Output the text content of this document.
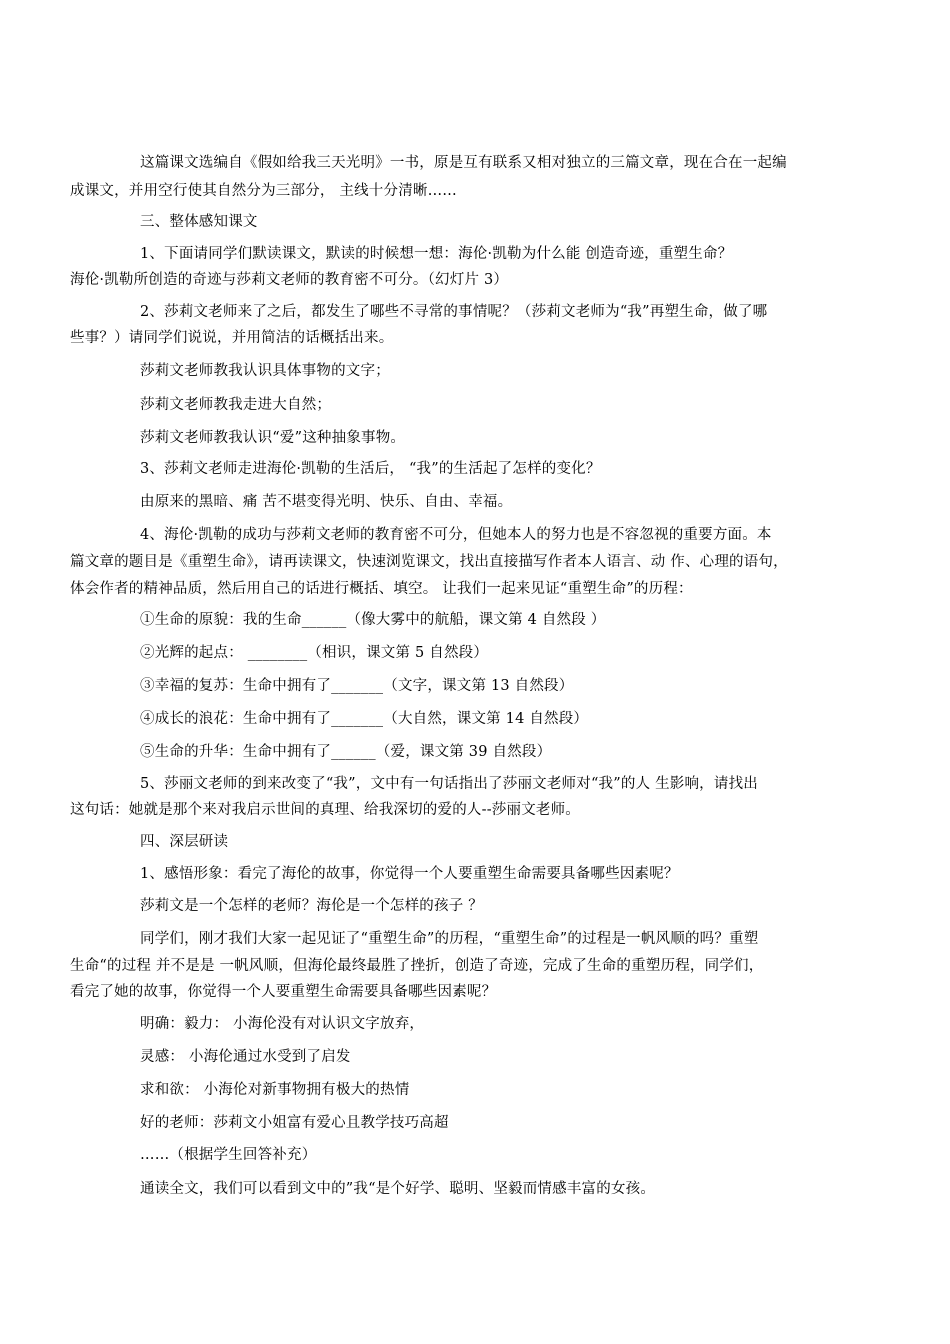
这篇课文选编自《假如给我三天光明》一书，原是互有联系又相对独立的三篇文章，现在合在一起编
成课文，并用空行使其自然分为三部分， 主线十分清晰……
三、整体感知课文
1、下面请同学们默读课文，默读的时候想一想：海伦·凯勒为什么能 创造奇迹，重塑生命？
海伦·凯勒所创造的奇迹与莎莉文老师的教育密不可分。（幻灯片 3）
2、莎莉文老师来了之后，都发生了哪些不寻常的事情呢？（莎莉文老师为“我”再塑生命，做了哪
些事？）请同学们说说，并用简洁的话概括出来。
莎莉文老师教我认识具体事物的文字；
莎莉文老师教我走进大自然；
莎莉文老师教我认识“爱”这种抽象事物。
3、莎莉文老师走进海伦·凯勒的生活后， “我”的生活起了怎样的变化？
由原来的黑暗、痛 苦不堪变得光明、快乐、自由、幸福。
4、海伦·凯勒的成功与莎莉文老师的教育密不可分，但她本人的努力也是不容忽视的重要方面。本
篇文章的题目是《重塑生命》，请再读课文，快速浏览课文，找出直接描写作者本人语言、动 作、心理的语句，
体会作者的精神品质，然后用自己的话进行概括、填空。 让我们一起来见证“重塑生命”的历程：
①生命的原貌：我的生命______（像大雾中的航船，课文第 4 自然段 ）
②光辉的起点： ________（相识，课文第 5 自然段）
③幸福的复苏：生命中拥有了_______（文字，课文第 13 自然段）
④成长的浪花：生命中拥有了_______（大自然，课文第 14 自然段）
⑤生命的升华：生命中拥有了______（爱，课文第 39 自然段）
5、莎丽文老师的到来改变了“我”，文中有一句话指出了莎丽文老师对“我”的人 生影响，请找出
这句话：她就是那个来对我启示世间的真理、给我深切的爱的人--莎丽文老师。
四、深层研读
1、感悟形象：看完了海伦的故事，你觉得一个人要重塑生命需要具备哪些因素呢？
莎莉文是一个怎样的老师？海伦是一个怎样的孩子 ？
同学们，刚才我们大家一起见证了“重塑生命”的历程，“重塑生命”的过程是一帆风顺的吗？重塑
生命“的过程 并不是是 一帆风顺，但海伦最终最胜了挫折，创造了奇迹，完成了生命的重塑历程，同学们，
看完了她的故事，你觉得一个人要重塑生命需要具备哪些因素呢？
明确：毅力： 小海伦没有对认识文字放弃，
灵感： 小海伦通过水受到了启发
求和欲： 小海伦对新事物拥有极大的热情
好的老师：莎莉文小姐富有爱心且教学技巧高超
……（根据学生回答补充）
通读全文，我们可以看到文中的”我“是个好学、聪明、坚毅而情感丰富的女孩。
